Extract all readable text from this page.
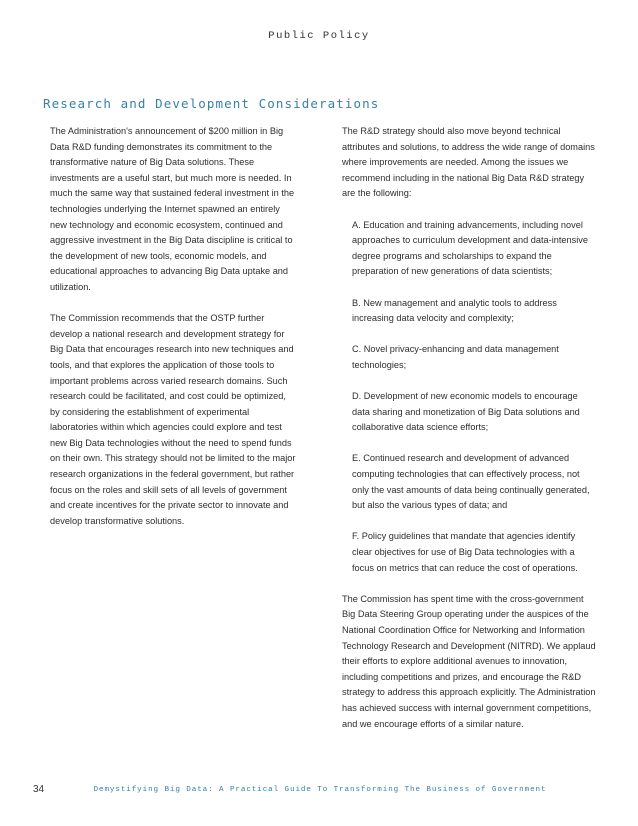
Public Policy
Research and Development Considerations

The Administration's announcement of $200 million in Big Data R&D funding demonstrates its commitment to the transformative nature of Big Data solutions. These investments are a useful start, but much more is needed. In much the same way that sustained federal investment in the technologies underlying the Internet spawned an entirely new technology and economic ecosystem, continued and aggressive investment in the Big Data discipline is critical to the development of new tools, economic models, and educational approaches to advancing Big Data uptake and utilization.

The Commission recommends that the OSTP further develop a national research and development strategy for Big Data that encourages research into new techniques and tools, and that explores the application of those tools to important problems across varied research domains. Such research could be facilitated, and cost could be optimized, by considering the establishment of experimental laboratories within which agencies could explore and test new Big Data technologies without the need to spend funds on their own. This strategy should not be limited to the major research organizations in the federal government, but rather focus on the roles and skill sets of all levels of government and create incentives for the private sector to innovate and develop transformative solutions.

The R&D strategy should also move beyond technical attributes and solutions, to address the wide range of domains where improvements are needed. Among the issues we recommend including in the national Big Data R&D strategy are the following:

A. Education and training advancements, including novel approaches to curriculum development and data-intensive degree programs and scholarships to expand the preparation of new generations of data scientists;

B. New management and analytic tools to address increasing data velocity and complexity;

C. Novel privacy-enhancing and data management technologies;

D. Development of new economic models to encourage data sharing and monetization of Big Data solutions and collaborative data science efforts;

E. Continued research and development of advanced computing technologies that can effectively process, not only the vast amounts of data being continually generated, but also the various types of data; and

F. Policy guidelines that mandate that agencies identify clear objectives for use of Big Data technologies with a focus on metrics that can reduce the cost of operations.

The Commission has spent time with the cross-government Big Data Steering Group operating under the auspices of the National Coordination Office for Networking and Information Technology Research and Development (NITRD). We applaud their efforts to explore additional avenues to innovation, including competitions and prizes, and encourage the R&D strategy to address this approach explicitly. The Administration has achieved success with internal government competitions, and we encourage efforts of a similar nature.

34	Demystifying Big Data: A Practical Guide To Transforming The Business of Government
